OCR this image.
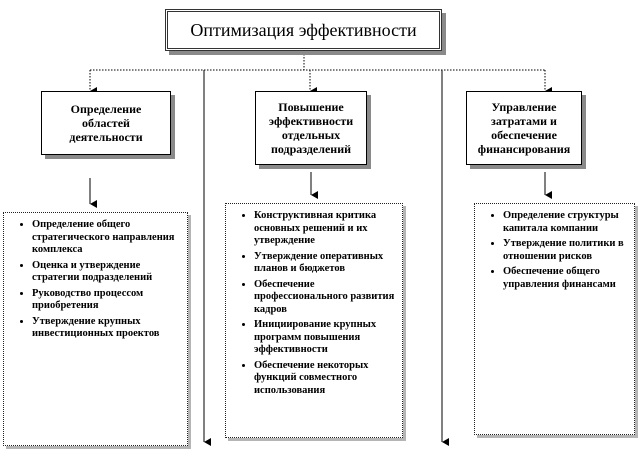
Оптимизация эффективности
Определение областей деятельности
Повышение эффективности отдельных подразделений
Управление затратами и обеспечение финансирования
• Определение общего стратегического направления комплекса
• Оценка и утверждение стратегии подразделений
• Руководство процессом приобретения
• Утверждение крупных инвестиционных проектов
• Конструктивная критика основных решений и их утверждение
• Утверждение оперативных планов и бюджетов
• Обеспечение профессионального развития кадров
• Инициирование крупных программ повышения эффективности
• Обеспечение некоторых функций совместного использования
• Определение структуры капитала компании
• Утверждение политики в отношении рисков
• Обеспечение общего управления финансами
